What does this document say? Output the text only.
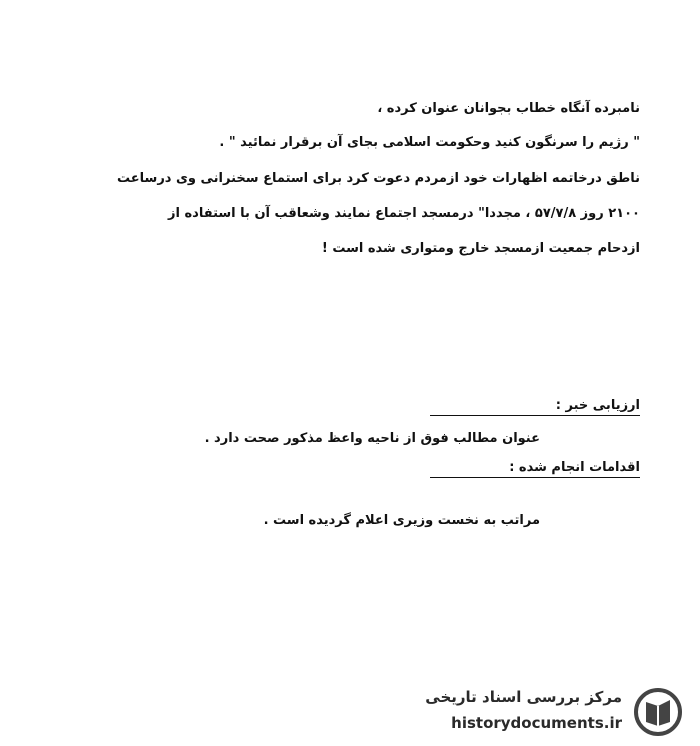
نامبرده آنگاه خطاب بجوانان عنوان کرده ،
" رژیم را سرنگون کنید وحکومت اسلامی بجای آن برقرار نمائید " .
ناطق درخاتمه اظهارات خود ازمردم دعوت کرد برای استماع سخنرانی وی درساعت
۲۱۰۰ روز ۵۷/۷/۸ ، مجددا" درمسجد اجتماع نمایند وشعاقب آن با استفاده از
ازدحام جمعیت ازمسجد خارج ومتواری شده است !
ارزیابی خبر :
عنوان مطالب فوق از ناحیه واعظ مذکور صحت دارد .
اقدامات انجام شده :
مراتب به نخست وزیری اعلام گردیده است .
مرکز بررسی اسناد تاریخی
historydocuments.ir
